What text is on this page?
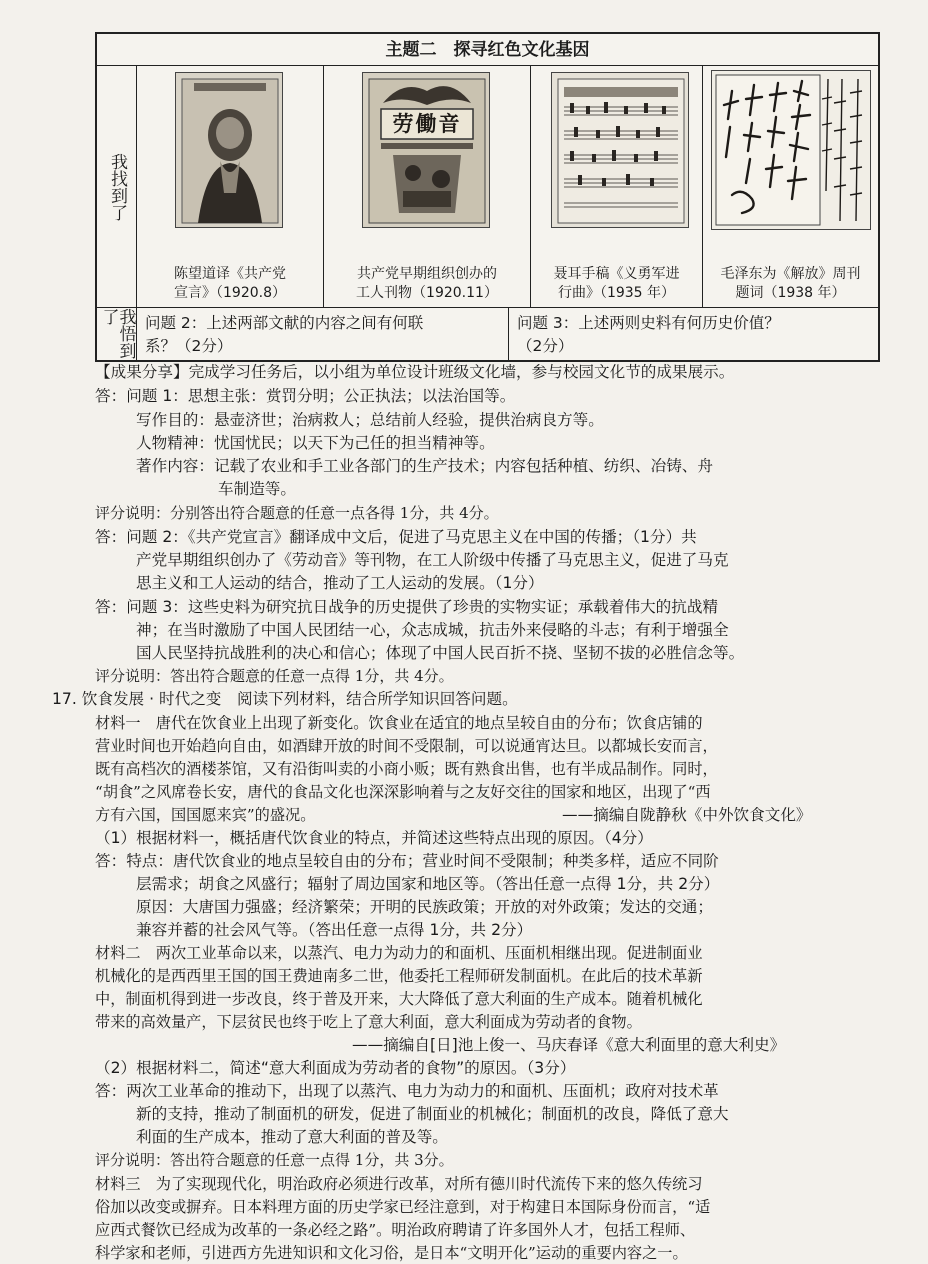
主题二　探寻红色文化基因
我找到了
陈望道译《共产党
宣言》（1920.8）
劳働音
共产党早期组织创办的
工人刊物（1920.11）
聂耳手稿《义勇军进
行曲》（1935 年）
毛泽东为《解放》周刊
题词（1938 年）
我悟到了	问题 2：上述两部文献的内容之间有何联
系？（2分）
问题 3：上述两则史料有何历史价值？
（2分）
【成果分享】完成学习任务后，以小组为单位设计班级文化墙，参与校园文化节的成果展示。
答：问题 1：思想主张：赏罚分明；公正执法；以法治国等。
写作目的：悬壶济世；治病救人；总结前人经验，提供治病良方等。
人物精神：忧国忧民；以天下为己任的担当精神等。
著作内容：记载了农业和手工业各部门的生产技术；内容包括种植、纺织、冶铸、舟
车制造等。
评分说明：分别答出符合题意的任意一点各得 1分，共 4分。
答：问题 2：《共产党宣言》翻译成中文后，促进了马克思主义在中国的传播；（1分）共
产党早期组织创办了《劳动音》等刊物，在工人阶级中传播了马克思主义，促进了马克
思主义和工人运动的结合，推动了工人运动的发展。（1分）
答：问题 3：这些史料为研究抗日战争的历史提供了珍贵的实物实证；承载着伟大的抗战精
神；在当时激励了中国人民团结一心，众志成城，抗击外来侵略的斗志；有利于增强全
国人民坚持抗战胜利的决心和信心；体现了中国人民百折不挠、坚韧不拔的必胜信念等。
评分说明：答出符合题意的任意一点得 1分，共 4分。
17. 饮食发展 · 时代之变　阅读下列材料，结合所学知识回答问题。
材料一　唐代在饮食业上出现了新变化。饮食业在适宜的地点呈较自由的分布；饮食店铺的
营业时间也开始趋向自由，如酒肆开放的时间不受限制，可以说通宵达旦。以都城长安而言，
既有高档次的酒楼茶馆，又有沿街叫卖的小商小贩；既有熟食出售，也有半成品制作。同时，
“胡食”之风席卷长安，唐代的食品文化也深深影响着与之友好交往的国家和地区，出现了“西
方有六国，国国愿来宾”的盛况。	——摘编自陇静秋《中外饮食文化》
（1）根据材料一，概括唐代饮食业的特点，并简述这些特点出现的原因。（4分）
答：特点：唐代饮食业的地点呈较自由的分布；营业时间不受限制；种类多样，适应不同阶
层需求；胡食之风盛行；辐射了周边国家和地区等。（答出任意一点得 1分，共 2分）
原因：大唐国力强盛；经济繁荣；开明的民族政策；开放的对外政策；发达的交通；
兼容并蓄的社会风气等。（答出任意一点得 1分，共 2分）
材料二　两次工业革命以来，以蒸汽、电力为动力的和面机、压面机相继出现。促进制面业
机械化的是西西里王国的国王费迪南多二世，他委托工程师研发制面机。在此后的技术革新
中，制面机得到进一步改良，终于普及开来，大大降低了意大利面的生产成本。随着机械化
带来的高效量产，下层贫民也终于吃上了意大利面，意大利面成为劳动者的食物。
——摘编自[日]池上俊一、马庆春译《意大利面里的意大利史》
（2）根据材料二，简述“意大利面成为劳动者的食物”的原因。（3分）
答：两次工业革命的推动下，出现了以蒸汽、电力为动力的和面机、压面机；政府对技术革
新的支持，推动了制面机的研发，促进了制面业的机械化；制面机的改良，降低了意大
利面的生产成本，推动了意大利面的普及等。
评分说明：答出符合题意的任意一点得 1分，共 3分。
材料三　为了实现现代化，明治政府必须进行改革，对所有德川时代流传下来的悠久传统习
俗加以改变或摒弃。日本料理方面的历史学家已经注意到，对于构建日本国际身份而言，“适
应西式餐饮已经成为改革的一条必经之路”。明治政府聘请了许多国外人才，包括工程师、
科学家和老师，引进西方先进知识和文化习俗，是日本“文明开化”运动的重要内容之一。
